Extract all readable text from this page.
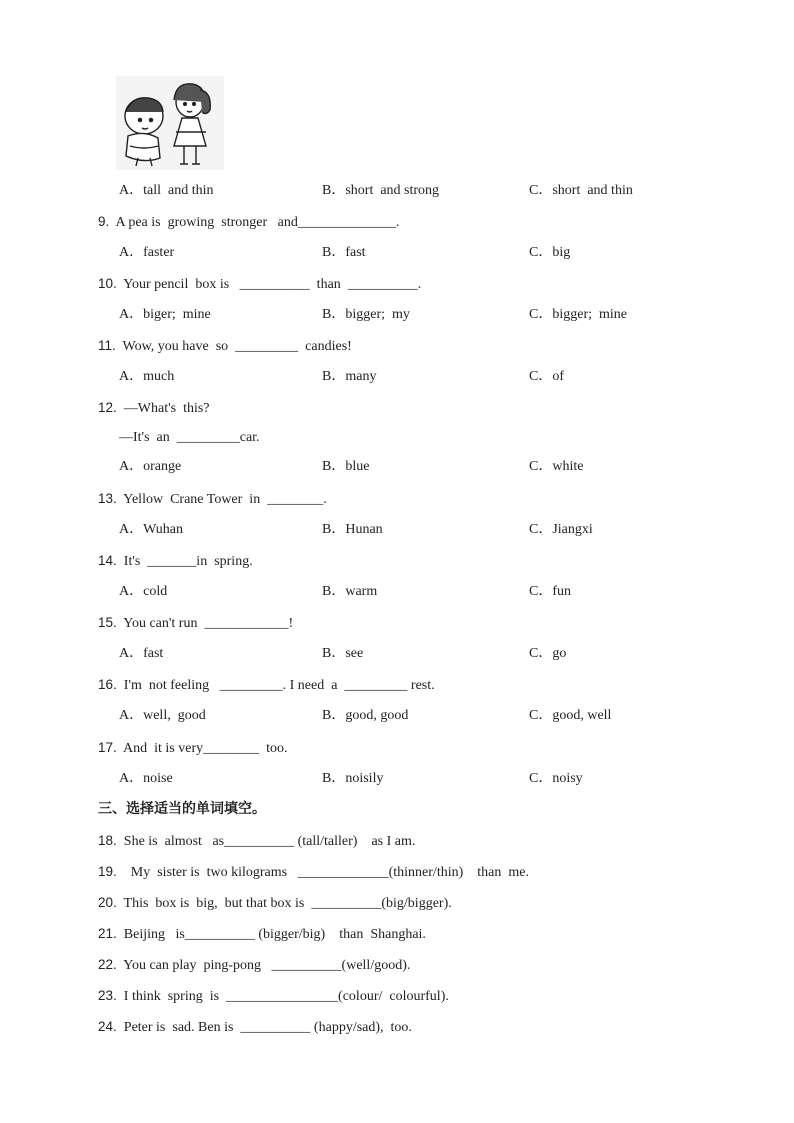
A．tall  and thin	B．short  and strong	C．short  and thin
9.  A pea is  growing  stronger   and______________.
A．faster	B．fast	C．big
10.  Your pencil  box is   __________  than  __________.
A．biger;  mine	B．bigger;  my	C．bigger;  mine
11.  Wow, you have  so  _________  candies!
A．much	B．many	C．of
12.  —What's  this?
—It's  an  _________car.
A．orange	B．blue	C．white
13.  Yellow  Crane Tower  in  ________.
A．Wuhan	B．Hunan	C．Jiangxi
14.  It's  _______in  spring.
A．cold	B．warm	C．fun
15.  You can't run  ____________!
A．fast	B．see	C．go
16.  I'm  not feeling   _________. I need  a  _________ rest.
A．well,  good	B．good, good	C．good, well
17.  And  it is very________  too.
A．noise	B．noisily	C．noisy
三、选择适当的单词填空。
18.  She is  almost   as__________ (tall/taller)    as I am.
19.    My  sister is  two kilograms   _____________(thinner/thin)    than  me.
20.  This  box is  big,  but that box is  __________(big/bigger).
21.  Beijing   is__________ (bigger/big)    than  Shanghai.
22.  You can play  ping-pong   __________(well/good).
23.  I think  spring  is  ________________(colour/  colourful).
24.  Peter is  sad. Ben is  __________ (happy/sad),  too.
